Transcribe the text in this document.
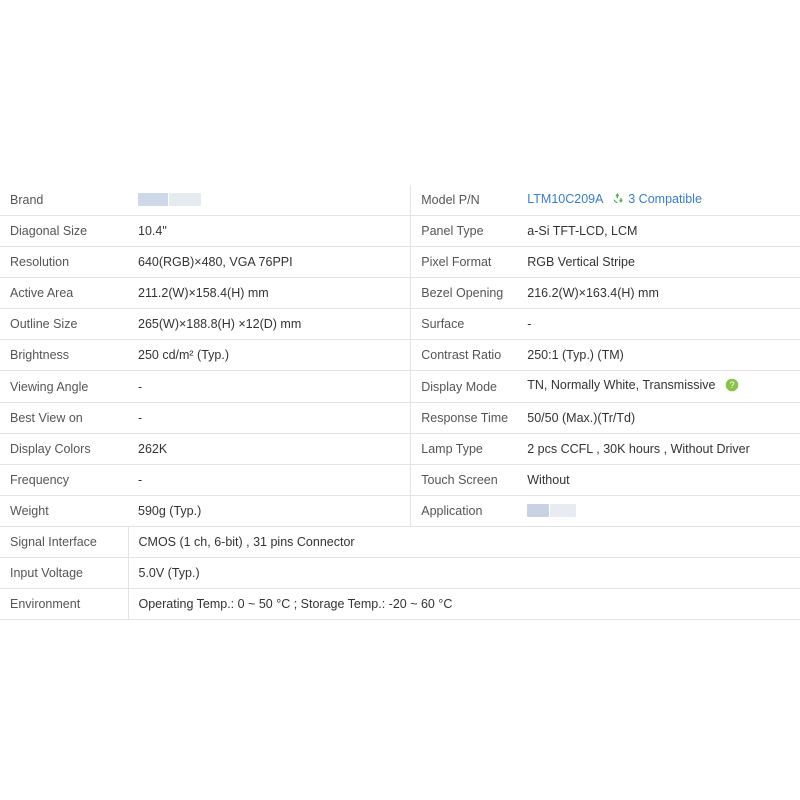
Brand		Model P/N	LTM10C209A 3 Compatible
Diagonal Size	10.4"	Panel Type	a-Si TFT-LCD, LCM
Resolution	640(RGB)×480, VGA 76PPI	Pixel Format	RGB Vertical Stripe
Active Area	211.2(W)×158.4(H) mm	Bezel Opening	216.2(W)×163.4(H) mm
Outline Size	265(W)×188.8(H) ×12(D) mm	Surface	-
Brightness	250 cd/m² (Typ.)	Contrast Ratio	250:1 (Typ.) (TM)
Viewing Angle	-	Display Mode	TN, Normally White, Transmissive ?

Best View on	-	Response Time	50/50 (Max.)(Tr/Td)
Display Colors	262K	Lamp Type	2 pcs CCFL , 30K hours , Without Driver
Frequency	-	Touch Screen	Without
Weight	590g (Typ.)	Application	
Signal Interface	CMOS (1 ch, 6-bit) , 31 pins Connector		
Input Voltage	5.0V (Typ.)		
Environment	Operating Temp.: 0 ~ 50 °C ; Storage Temp.: -20 ~ 60 °C		
